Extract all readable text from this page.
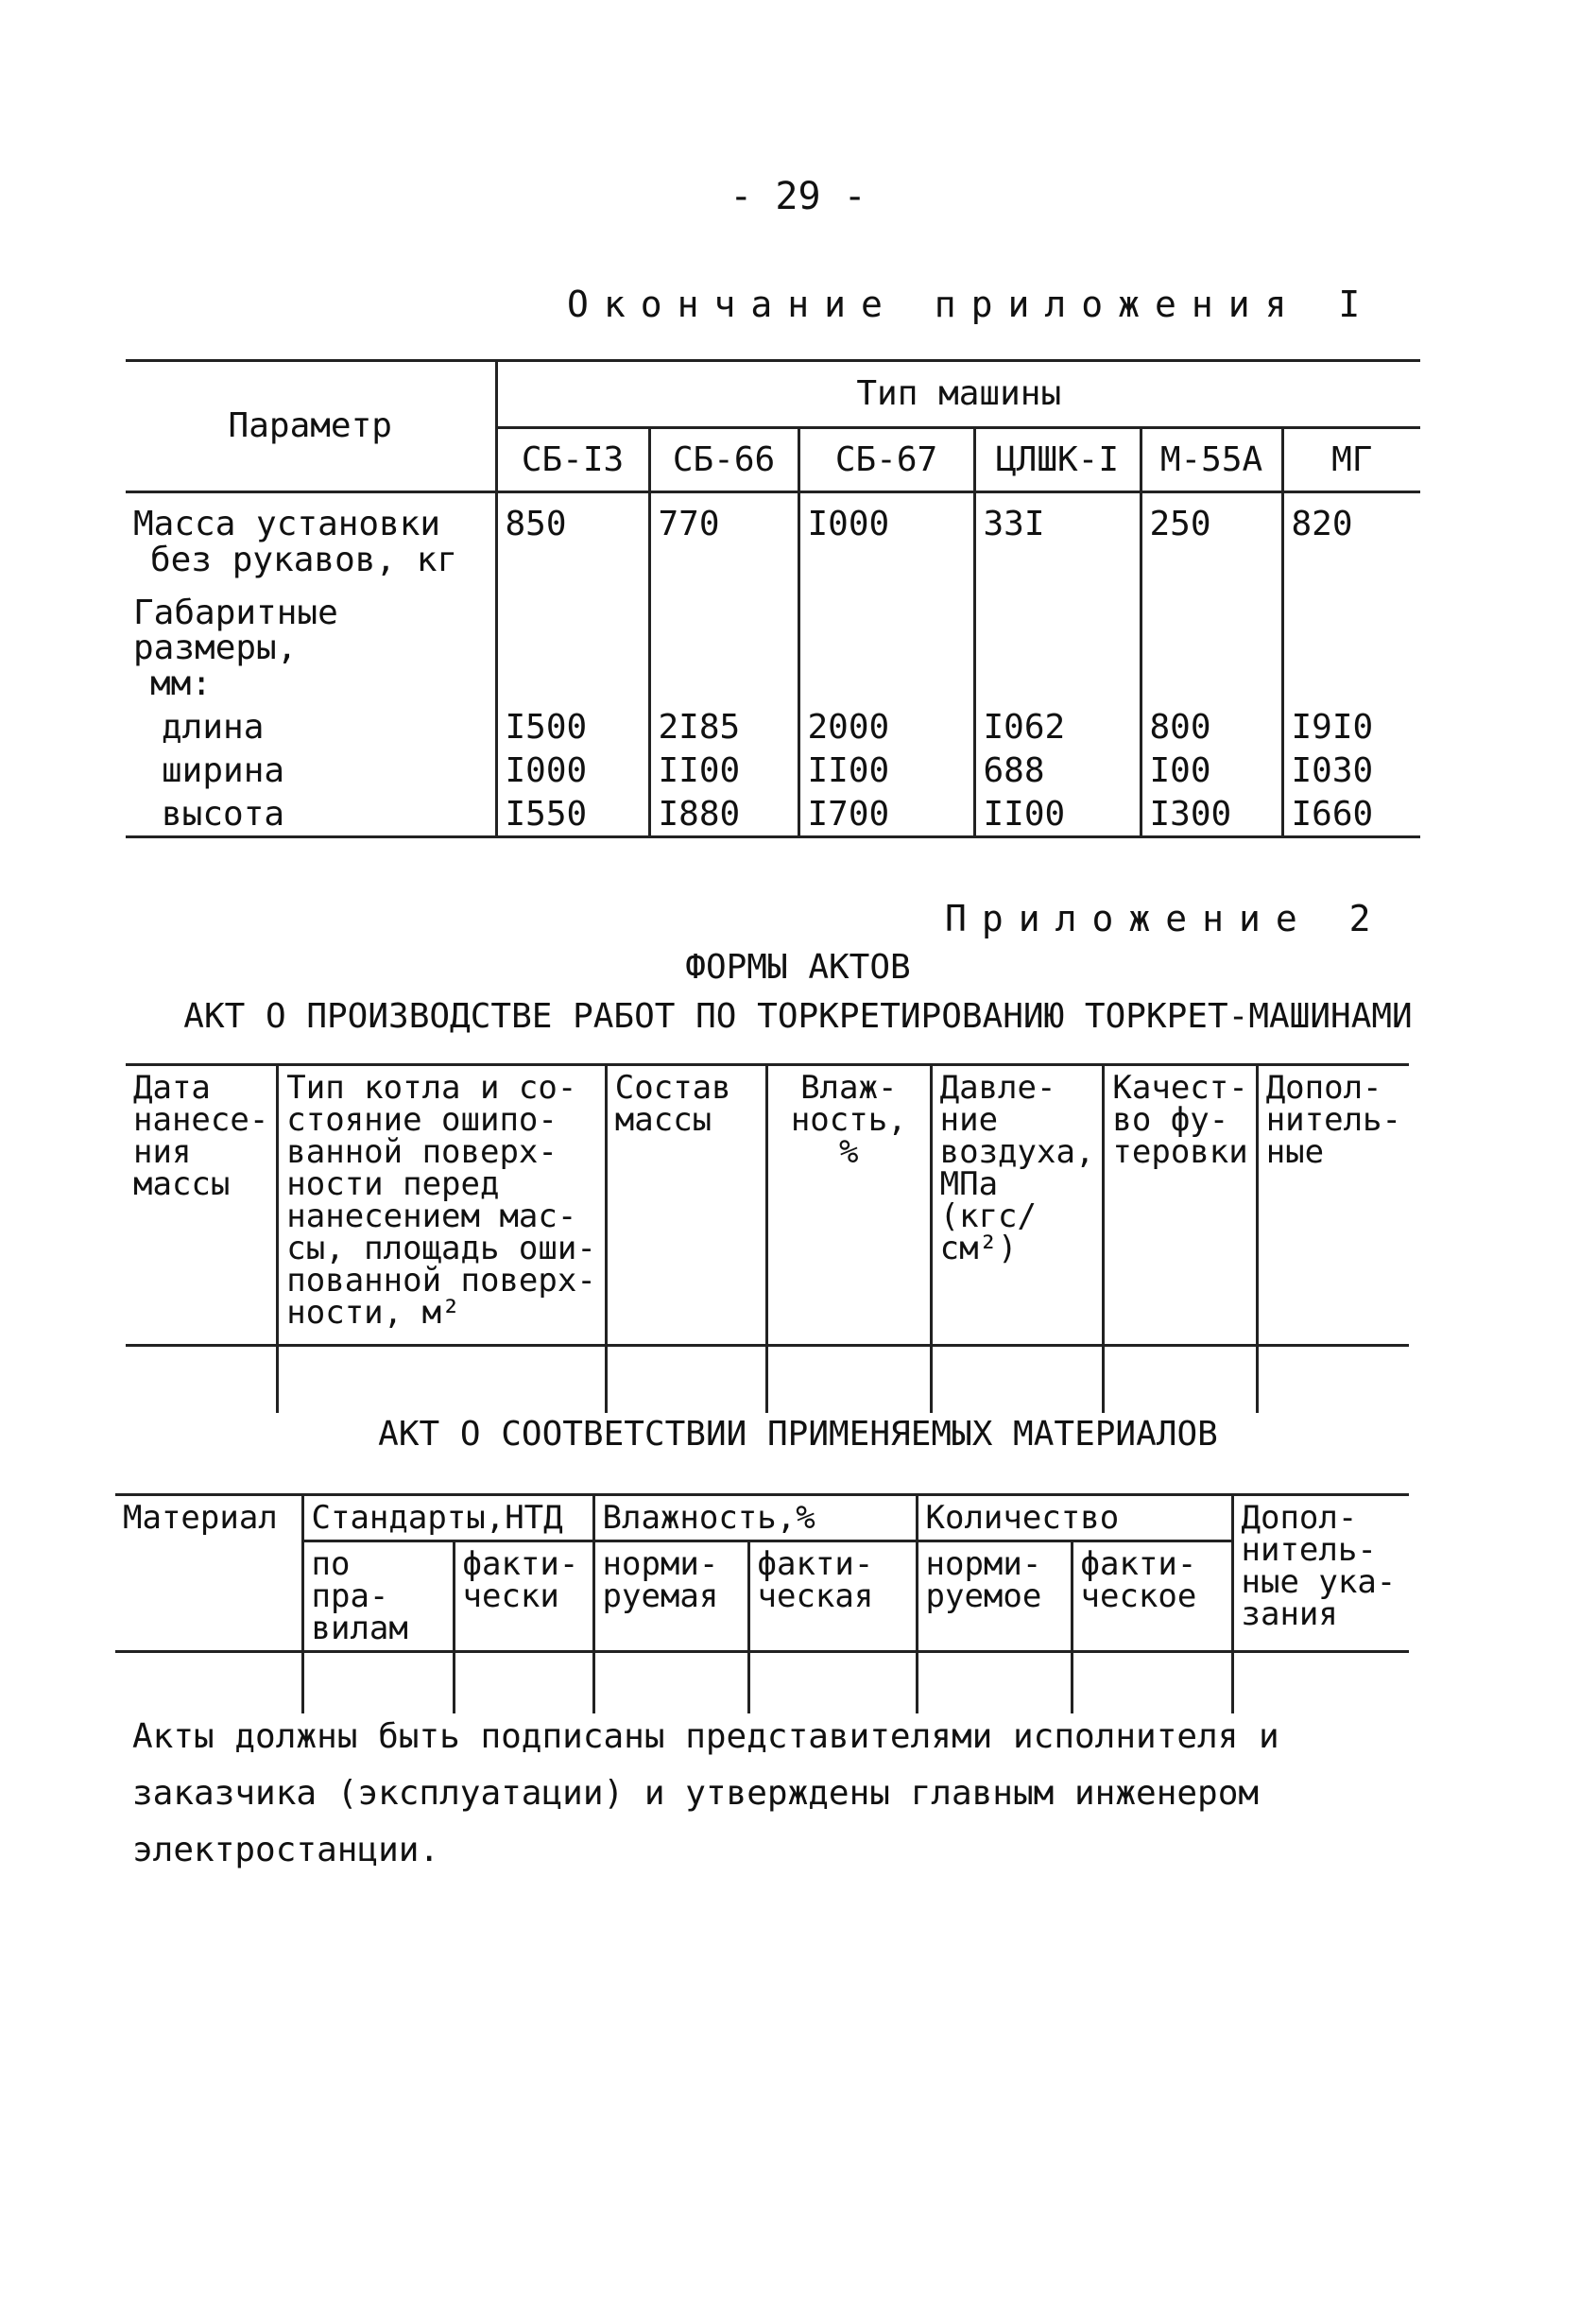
- 29 -
Окончание приложения I
Параметр	Тип машины					
	СБ-I3	СБ-66	СБ-67	ЦЛШК-I	М-55А	МГ

Масса установки
без рукавов, кг	850	770	I000	33I	250	820

Габаритные размеры,
мм:						

длина	I500	2I85	2000	I062	800	I9I0
ширина	I000	II00	II00	688	I00	I030
высота	I550	I880	I700	II00	I300	I660
Приложение 2
ФОРМЫ АКТОВ
АКТ О ПРОИЗВОДСТВЕ РАБОТ ПО ТОРКРЕТИРОВАНИЮ ТОРКРЕТ-МАШИНАМИ
Дата нанесе- ния массы	Тип котла и со- стояние ошипо- ванной поверх- ности перед нанесением мас- сы, площадь оши- пованной поверх- ности, м²	Состав массы	Влаж- ность, %	Давле- ние воздуха, МПа (кгс/см²)	Качест- во фу- теровки	Допол- нитель- ные

АКТ О СООТВЕТСТВИИ ПРИМЕНЯЕМЫХ МАТЕРИАЛОВ
Материал	Стандарты,НТД		Влажность,%		Количество		Допол- нитель- ные ука- зания
	по пра- вилам	факти- чески	норми- руемая	факти- ческая	норми- руемое	факти- ческое	

Акты должны быть подписаны представителями исполнителя и заказчика (эксплуатации) и утверждены главным инженером электростанции.
